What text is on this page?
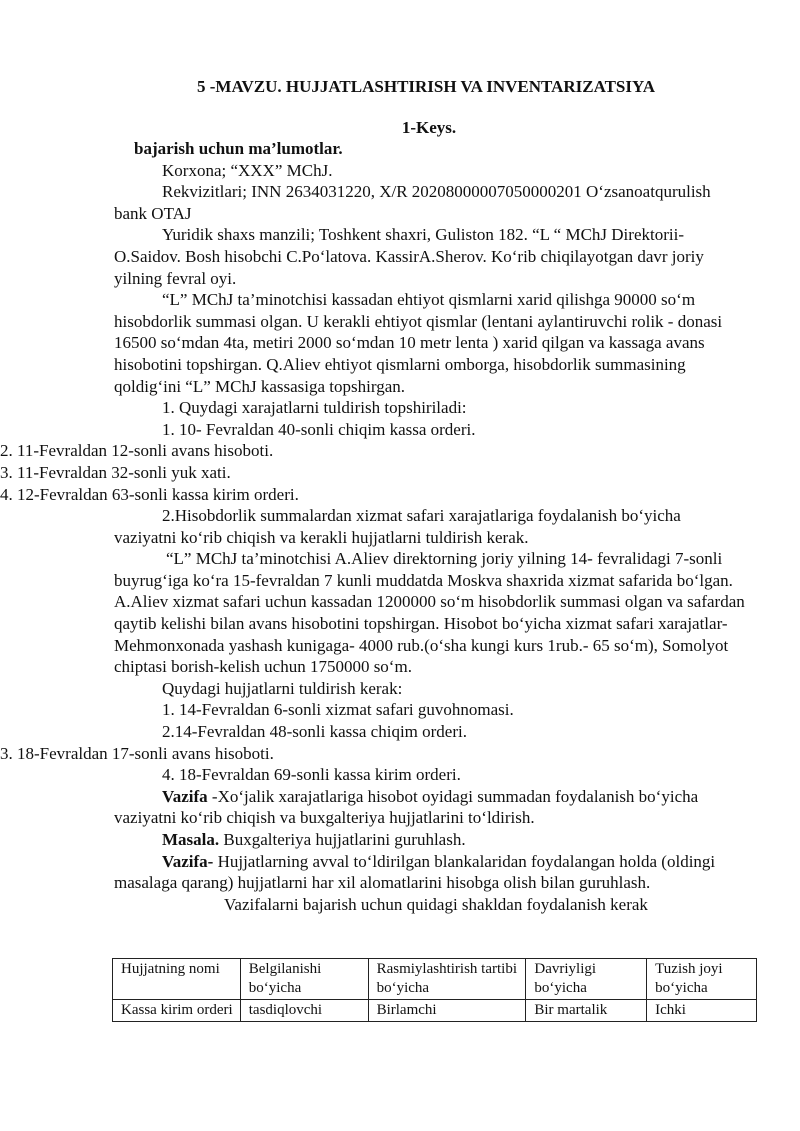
5 -MAVZU. HUJJATLASHTIRISH VA INVENTARIZATSIYA
1-Keys.

bajarish uchun ma’lumotlar.

Korxona; “XXX” MChJ.

Rekvizitlari; INN 2634031220, X/R 20208000007050000201 O‘zsanoatqurulish bank OTAJ

Yuridik shaxs manzili; Toshkent shaxri, Guliston 182. “L “ MChJ Direktorii-O.Saidov. Bosh hisobchi C.Po‘latova. KassirA.Sherov. Ko‘rib chiqilayotgan davr joriy yilning fevral oyi.

“L” MChJ ta’minotchisi kassadan ehtiyot qismlarni xarid qilishga 90000 so‘m hisobdorlik summasi olgan. U kerakli ehtiyot qismlar (lentani aylantiruvchi rolik - donasi 16500 so‘mdan 4ta, metiri 2000 so‘mdan 10 metr lenta ) xarid qilgan va kassaga avans hisobotini topshirgan. Q.Aliev ehtiyot qismlarni omborga, hisobdorlik summasining qoldig‘ini “L” MChJ kassasiga topshirgan.

1. Quydagi xarajatlarni tuldirish topshiriladi:

1. 10- Fevraldan 40-sonli chiqim kassa orderi.

2. 11-Fevraldan 12-sonli avans hisoboti.

3. 11-Fevraldan 32-sonli yuk xati.

4. 12-Fevraldan 63-sonli kassa kirim orderi.

2.Hisobdorlik summalardan xizmat safari xarajatlariga foydalanish bo‘yicha vaziyatni ko‘rib chiqish va kerakli hujjatlarni tuldirish kerak.

“L” MChJ ta’minotchisi A.Aliev direktorning joriy yilning 14- fevralidagi 7-sonli buyrug‘iga ko‘ra 15-fevraldan 7 kunli muddatda Moskva shaxrida xizmat safarida bo‘lgan. A.Aliev xizmat safari uchun kassadan 1200000 so‘m hisobdorlik summasi olgan va safardan qaytib kelishi bilan avans hisobotini topshirgan. Hisobot bo‘yicha xizmat safari xarajatlar- Mehmonxonada yashash kunigaga- 4000 rub.(o‘sha kungi kurs 1rub.- 65 so‘m), Somolyot chiptasi borish-kelish uchun 1750000 so‘m.

Quydagi hujjatlarni tuldirish kerak:

1. 14-Fevraldan 6-sonli xizmat safari guvohnomasi.

2.14-Fevraldan 48-sonli kassa chiqim orderi.

3. 18-Fevraldan 17-sonli avans hisoboti.

4. 18-Fevraldan 69-sonli kassa kirim orderi.

Vazifa -Xo‘jalik xarajatlariga hisobot oyidagi summadan foydalanish bo‘yicha vaziyatni ko‘rib chiqish va buxgalteriya hujjatlarini to‘ldirish.

Masala. Buxgalteriya hujjatlarini guruhlash.

Vazifa- Hujjatlarning avval to‘ldirilgan blankalaridan foydalangan holda (oldingi masalaga qarang) hujjatlarni har xil alomatlarini hisobga olish bilan guruhlash.

Vazifalarni bajarish uchun quidagi shakldan foydalanish kerak

Hujjatning nomi	Belgilanishi bo‘yicha	Rasmiylashtirish tartibi bo‘yicha	Davriyligi bo‘yicha	Tuzish joyi bo‘yicha
Kassa kirim orderi	tasdiqlovchi	Birlamchi	Bir martalik	Ichki
